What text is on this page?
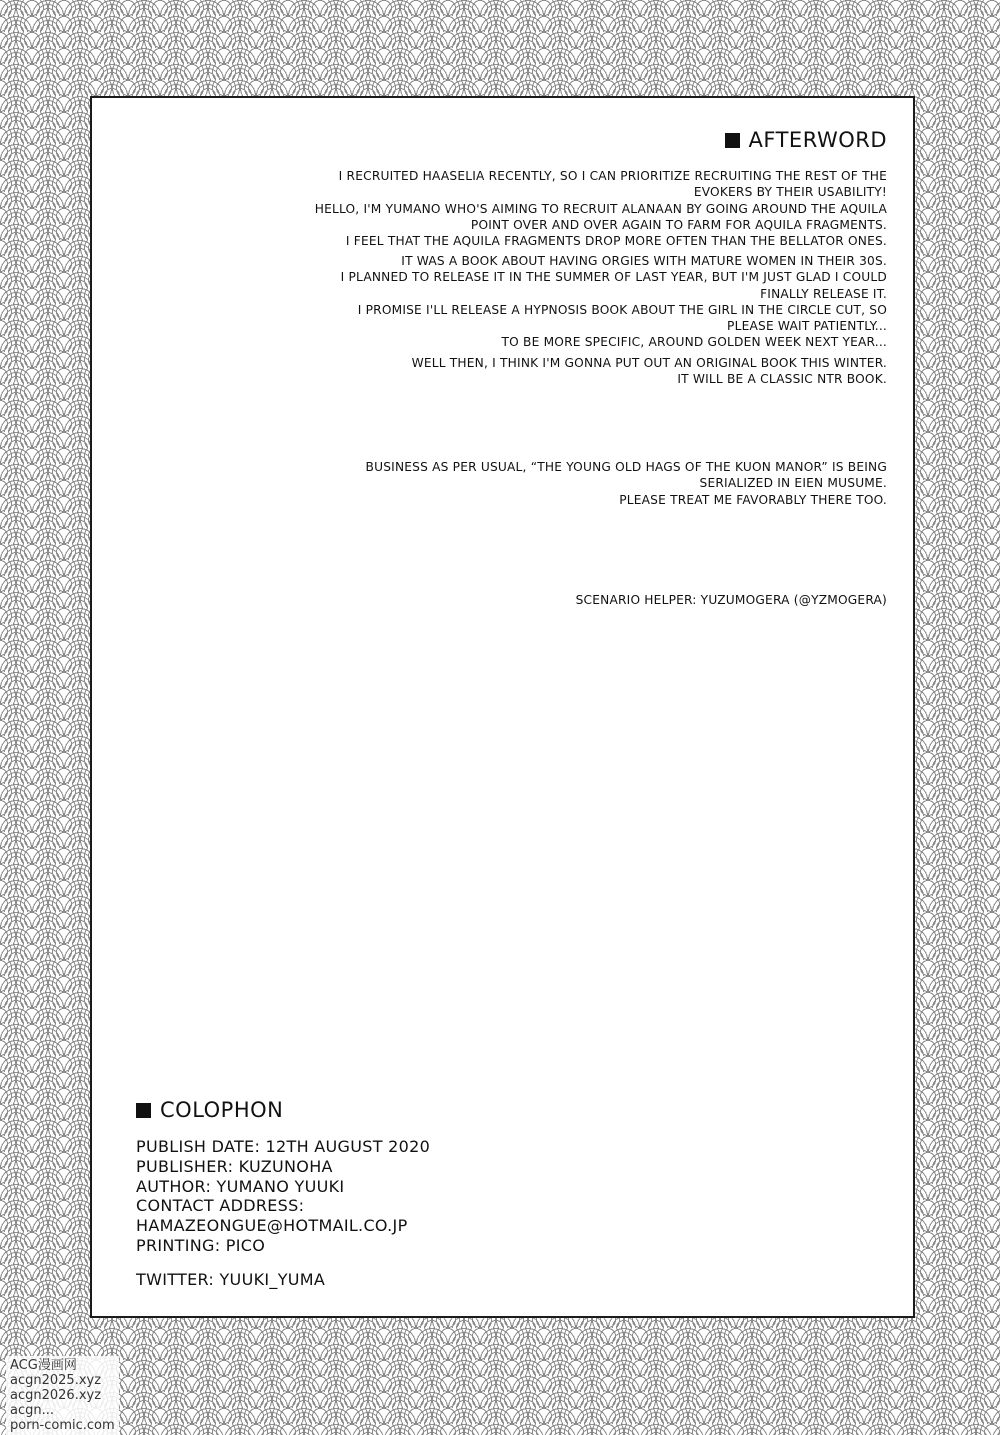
AFTERWORD
I RECRUITED HAASELIA RECENTLY, SO I CAN PRIORITIZE RECRUITING THE REST OF THE
EVOKERS BY THEIR USABILITY!
HELLO, I'M YUMANO WHO'S AIMING TO RECRUIT ALANAAN BY GOING AROUND THE AQUILA
POINT OVER AND OVER AGAIN TO FARM FOR AQUILA FRAGMENTS.
I FEEL THAT THE AQUILA FRAGMENTS DROP MORE OFTEN THAN THE BELLATOR ONES.
IT WAS A BOOK ABOUT HAVING ORGIES WITH MATURE WOMEN IN THEIR 30S.
I PLANNED TO RELEASE IT IN THE SUMMER OF LAST YEAR, BUT I'M JUST GLAD I COULD
FINALLY RELEASE IT.
I PROMISE I'LL RELEASE A HYPNOSIS BOOK ABOUT THE GIRL IN THE CIRCLE CUT, SO
PLEASE WAIT PATIENTLY...
TO BE MORE SPECIFIC, AROUND GOLDEN WEEK NEXT YEAR...
WELL THEN, I THINK I'M GONNA PUT OUT AN ORIGINAL BOOK THIS WINTER.
IT WILL BE A CLASSIC NTR BOOK.
BUSINESS AS PER USUAL, “THE YOUNG OLD HAGS OF THE KUON MANOR” IS BEING
SERIALIZED IN EIEN MUSUME.
PLEASE TREAT ME FAVORABLY THERE TOO.
SCENARIO HELPER: YUZUMOGERA (@YZMOGERA)
COLOPHON
PUBLISH DATE: 12TH AUGUST 2020
PUBLISHER: KUZUNOHA
AUTHOR: YUMANO YUUKI
CONTACT ADDRESS:
HAMAZEONGUE@HOTMAIL.CO.JP
PRINTING: PICO
TWITTER: YUUKI_YUMA
ACG漫画网
acgn2025.xyz
acgn2026.xyz
acgn...
porn-comic.com
